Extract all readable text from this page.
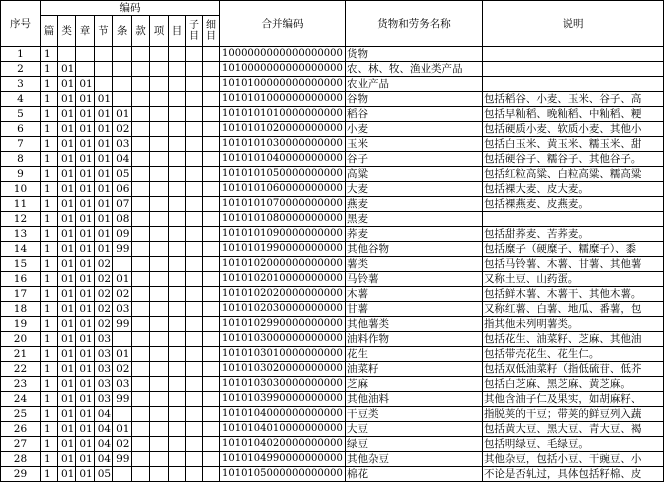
序号	编码										合并编码	货物和劳务名称	说明
	篇	类	章	节	条	款	项	目	子目	细目			
1	1										1000000000000000000	货物	
2	1	01									1010000000000000000	农、林、牧、渔业类产品	
3	1	01	01								1010100000000000000	农业产品	
4	1	01	01	01							1010101000000000000	谷物	包括稻谷、小麦、玉米、谷子、高
5	1	01	01	01	01						1010101010000000000	稻谷	包括早籼稻、晚籼稻、中籼稻、粳
6	1	01	01	01	02						1010101020000000000	小麦	包括硬质小麦、软质小麦、其他小
7	1	01	01	01	03						1010101030000000000	玉米	包括白玉米、黄玉米、糯玉米、甜
8	1	01	01	01	04						1010101040000000000	谷子	包括硬谷子、糯谷子、其他谷子。
9	1	01	01	01	05						1010101050000000000	高粱	包括红粒高粱、白粒高粱、糯高粱
10	1	01	01	01	06						1010101060000000000	大麦	包括裸大麦、皮大麦。
11	1	01	01	01	07						1010101070000000000	燕麦	包括裸燕麦、皮燕麦。
12	1	01	01	01	08						1010101080000000000	黑麦	
13	1	01	01	01	09						1010101090000000000	荞麦	包括甜荞麦、苦荞麦。
14	1	01	01	01	99						1010101990000000000	其他谷物	包括糜子（硬糜子、糯糜子）、黍
15	1	01	01	02							1010102000000000000	薯类	包括马铃薯、木薯、甘薯、其他薯
16	1	01	01	02	01						1010102010000000000	马铃薯	又称土豆、山药蛋。
17	1	01	01	02	02						1010102020000000000	木薯	包括鲜木薯、木薯干、其他木薯。
18	1	01	01	02	03						1010102030000000000	甘薯	又称红薯、白薯、地瓜、番薯，包
19	1	01	01	02	99						1010102990000000000	其他薯类	指其他未列明薯类。
20	1	01	01	03							1010103000000000000	油料作物	包括花生、油菜籽、芝麻、其他油
21	1	01	01	03	01						1010103010000000000	花生	包括带壳花生、花生仁。
22	1	01	01	03	02						1010103020000000000	油菜籽	包括双低油菜籽（指低硫苷、低芥
23	1	01	01	03	03						1010103030000000000	芝麻	包括白芝麻、黑芝麻、黄芝麻。
24	1	01	01	03	99						1010103990000000000	其他油料	其他含油子仁及果实，如胡麻籽、
25	1	01	01	04							1010104000000000000	干豆类	指脱荚的干豆；带荚的鲜豆列入蔬
26	1	01	01	04	01						1010104010000000000	大豆	包括黄大豆、黑大豆、青大豆、褐
27	1	01	01	04	02						1010104020000000000	绿豆	包括明绿豆、毛绿豆。
28	1	01	01	04	99						1010104990000000000	其他杂豆	其他杂豆，包括小豆、干豌豆、小
29	1	01	01	05							1010105000000000000	棉花	不论是否轧过，具体包括籽棉、皮
